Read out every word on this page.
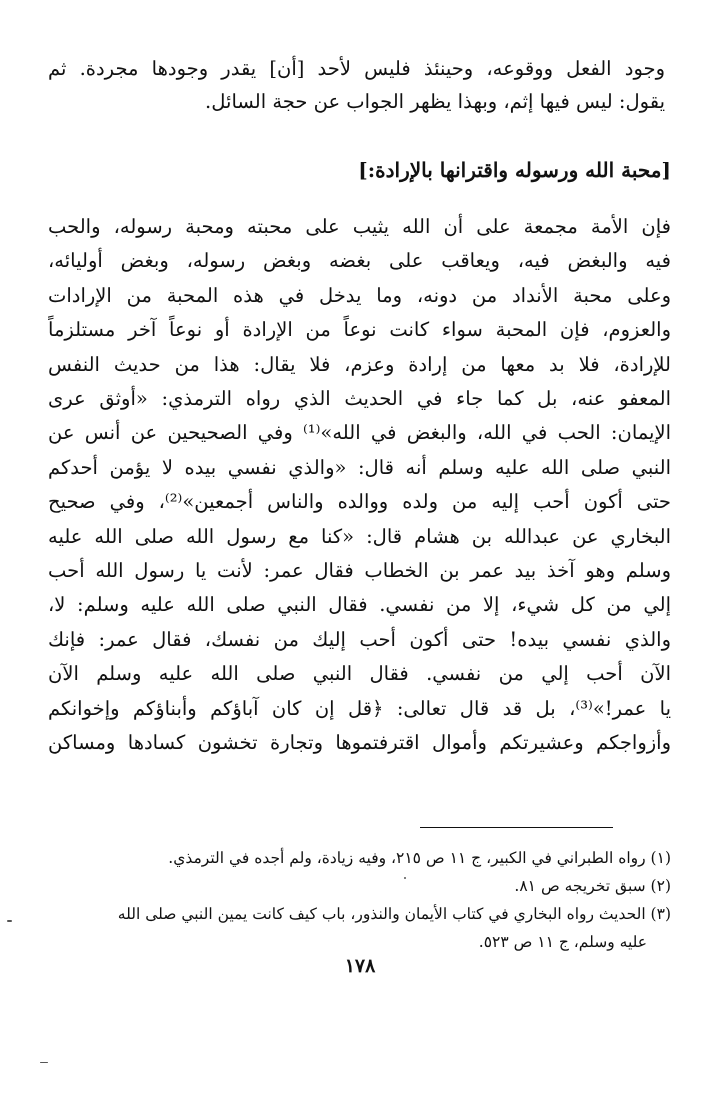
وجود الفعل ووقوعه، وحينئذ فليس لأحد [أن] يقدر وجودها مجردة. ثم
يقول: ليس فيها إثم، وبهذا يظهر الجواب عن حجة السائل.
[محبة الله ورسوله واقترانها بالإرادة:]
فإن الأمة مجمعة على أن الله يثيب على محبته ومحبة رسوله، والحب
فيه والبغض فيه، ويعاقب على بغضه وبغض رسوله، وبغض أوليائه،
وعلى محبة الأنداد من دونه، وما يدخل في هذه المحبة من الإرادات
والعزوم، فإن المحبة سواء كانت نوعاً من الإرادة أو نوعاً آخر مستلزماً
للإرادة، فلا بد معها من إرادة وعزم، فلا يقال: هذا من حديث النفس
المعفو عنه، بل كما جاء في الحديث الذي رواه الترمذي: «أوثق عرى
الإيمان: الحب في الله، والبغض في الله»⁽¹⁾ وفي الصحيحين عن أنس عن
النبي صلى الله عليه وسلم أنه قال: «والذي نفسي بيده لا يؤمن أحدكم
حتى أكون أحب إليه من ولده ووالده والناس أجمعين»⁽²⁾، وفي صحيح
البخاري عن عبدالله بن هشام قال: «كنا مع رسول الله صلى الله عليه
وسلم وهو آخذ بيد عمر بن الخطاب فقال عمر: لأنت يا رسول الله أحب
إلي من كل شيء، إلا من نفسي. فقال النبي صلى الله عليه وسلم: لا،
والذي نفسي بيده! حتى أكون أحب إليك من نفسك، فقال عمر: فإنك
الآن أحب إلي من نفسي. فقال النبي صلى الله عليه وسلم الآن
يا عمر!»⁽³⁾، بل قد قال تعالى: ﴿قل إن كان آباؤكم وأبناؤكم وإخوانكم
وأزواجكم وعشيرتكم وأموال اقترفتموها وتجارة تخشون كسادها ومساكن
(١) رواه الطبراني في الكبير، ج ١١ ص ٢١٥، وفيه زيادة، ولم أجده في الترمذي.
(٢) سبق تخريجه ص ٨١.
(٣) الحديث رواه البخاري في كتاب الأيمان والنذور، باب كيف كانت يمين النبي صلى الله
عليه وسلم، ج ١١ ص ٥٢٣.
١٧٨
